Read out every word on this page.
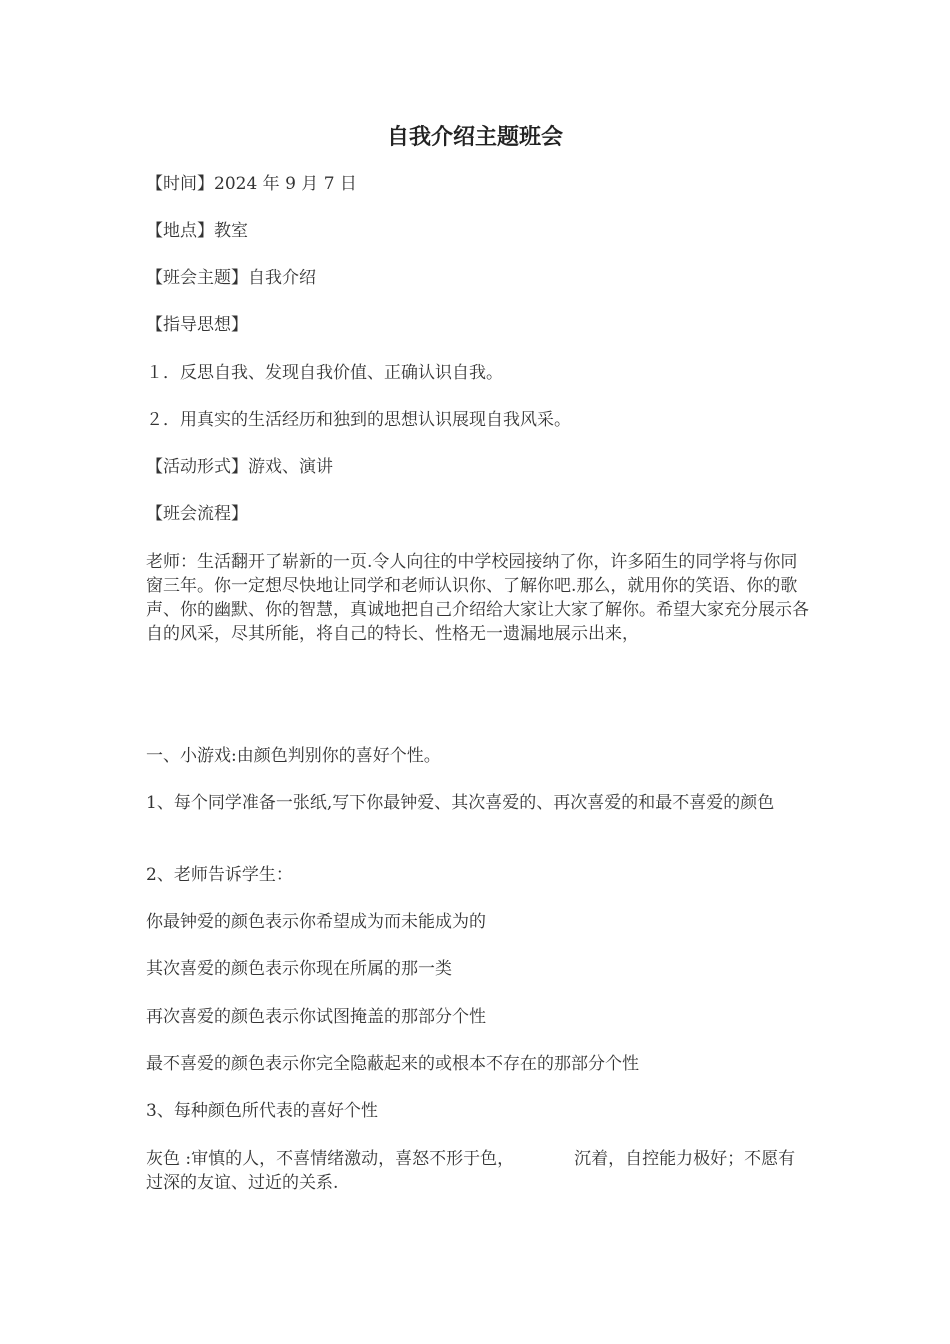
自我介绍主题班会
【时间】2024 年 9 月 7 日
【地点】教室
【班会主题】自我介绍
【指导思想】
１．反思自我、发现自我价值、正确认识自我。
２．用真实的生活经历和独到的思想认识展现自我风采。
【活动形式】游戏、演讲
【班会流程】
老师：生活翻开了崭新的一页.令人向往的中学校园接纳了你，许多陌生的同学将与你同窗三年。你一定想尽快地让同学和老师认识你、了解你吧.那么，就用你的笑语、你的歌声、你的幽默、你的智慧，真诚地把自己介绍给大家让大家了解你。希望大家充分展示各自的风采，尽其所能，将自己的特长、性格无一遗漏地展示出来，
一、小游戏:由颜色判别你的喜好个性。
1、每个同学准备一张纸,写下你最钟爱、其次喜爱的、再次喜爱的和最不喜爱的颜色
2、老师告诉学生：
你最钟爱的颜色表示你希望成为而未能成为的
其次喜爱的颜色表示你现在所属的那一类
再次喜爱的颜色表示你试图掩盖的那部分个性
最不喜爱的颜色表示你完全隐蔽起来的或根本不存在的那部分个性
3、每种颜色所代表的喜好个性
灰色 :审慎的人，不喜情绪激动，喜怒不形于色，	沉着，自控能力极好；不愿有过深的友谊、过近的关系.
